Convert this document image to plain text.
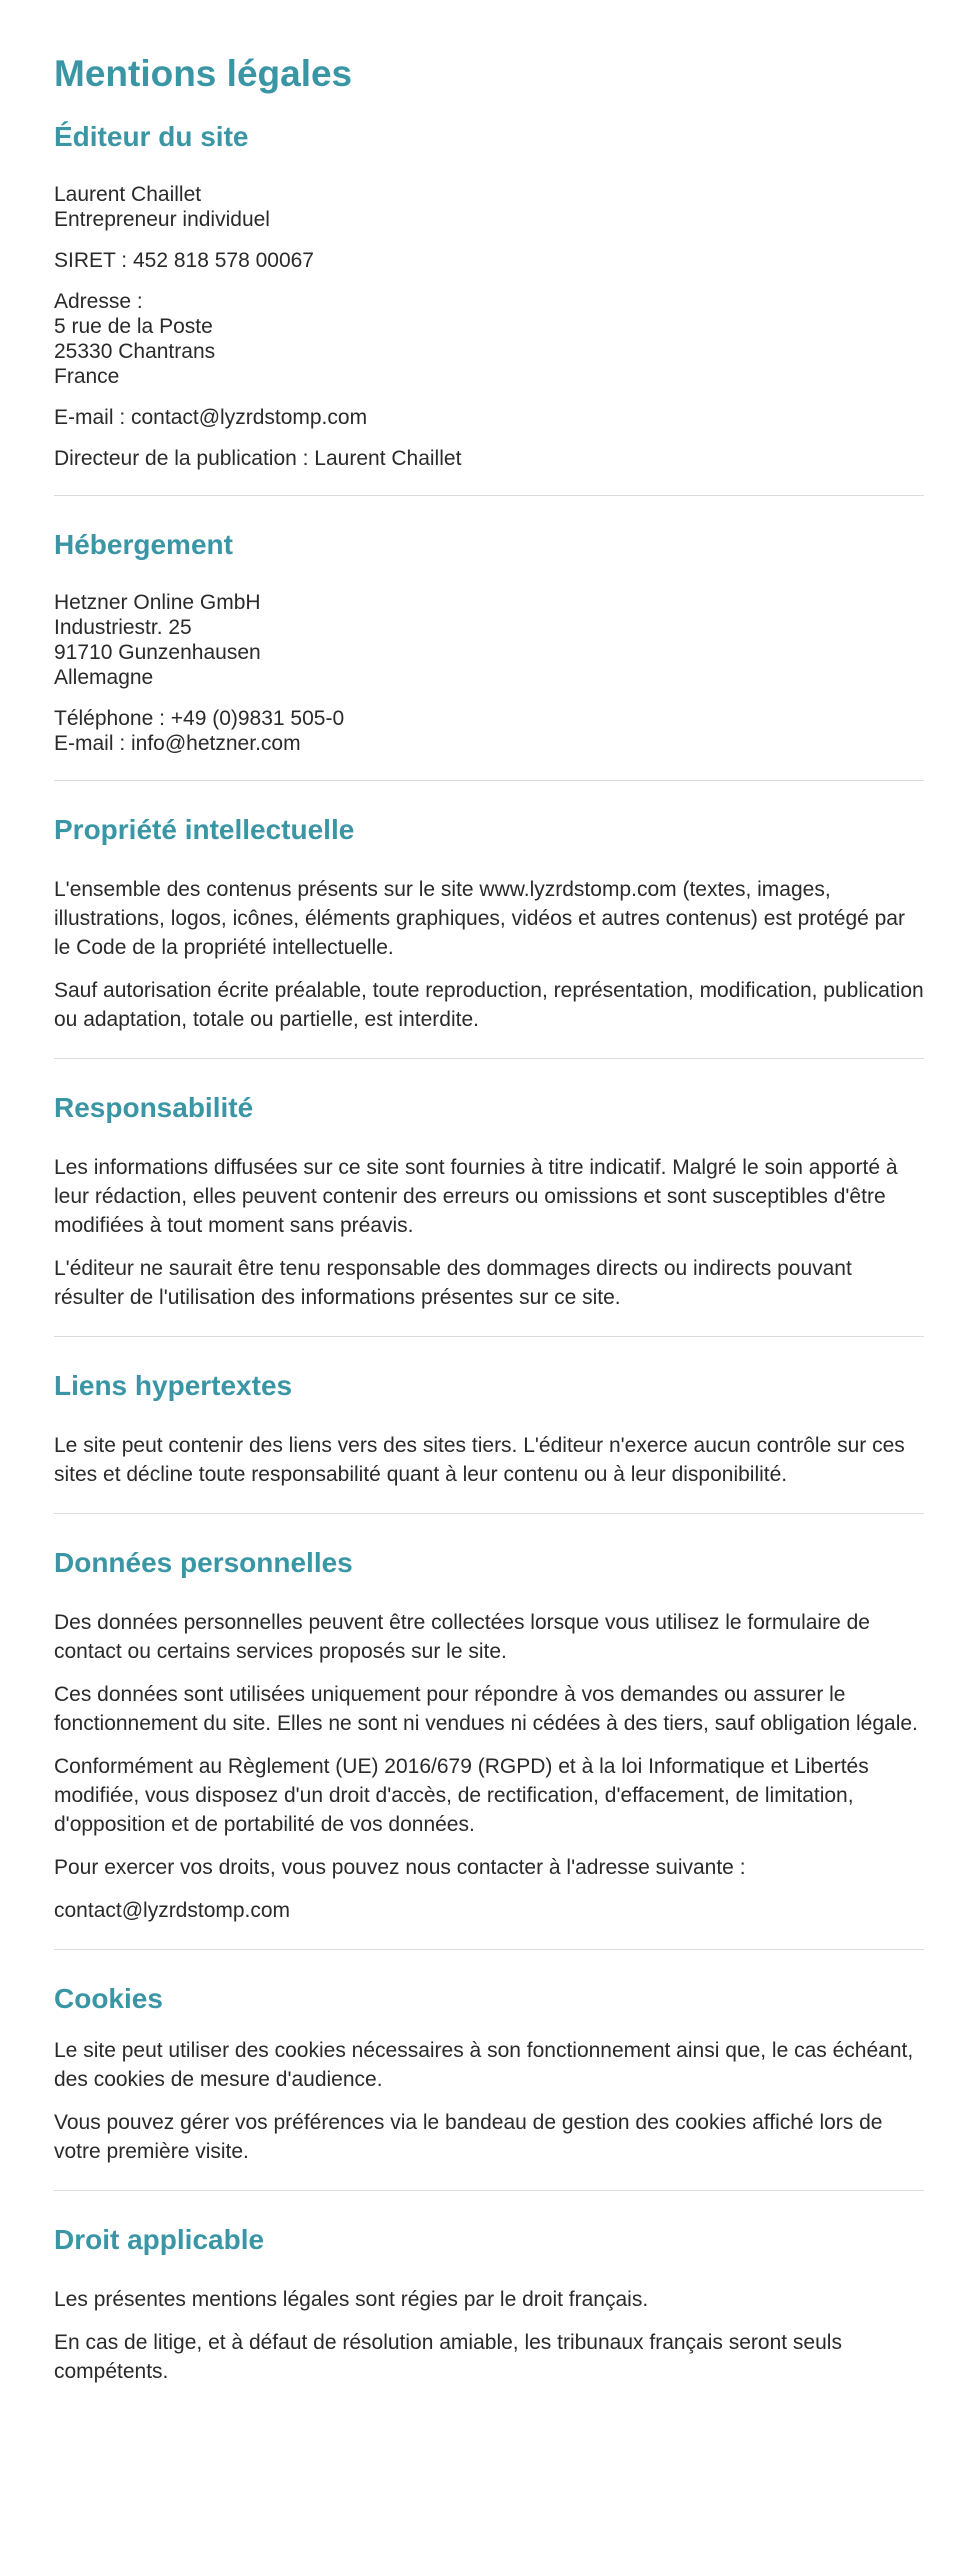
Mentions légales
Éditeur du site
Laurent Chaillet
Entrepreneur individuel
SIRET : 452 818 578 00067
Adresse :
5 rue de la Poste
25330 Chantrans
France
E-mail : contact@lyzrdstomp.com
Directeur de la publication : Laurent Chaillet
Hébergement
Hetzner Online GmbH
Industriestr. 25
91710 Gunzenhausen
Allemagne
Téléphone : +49 (0)9831 505-0
E-mail : info@hetzner.com
Propriété intellectuelle

L'ensemble des contenus présents sur le site www.lyzrdstomp.com (textes, images, illustrations, logos, icônes, éléments graphiques, vidéos et autres contenus) est protégé par le Code de la propriété intellectuelle.

Sauf autorisation écrite préalable, toute reproduction, représentation, modification, publication ou adaptation, totale ou partielle, est interdite.

Responsabilité

Les informations diffusées sur ce site sont fournies à titre indicatif. Malgré le soin apporté à leur rédaction, elles peuvent contenir des erreurs ou omissions et sont susceptibles d'être modifiées à tout moment sans préavis.

L'éditeur ne saurait être tenu responsable des dommages directs ou indirects pouvant résulter de l'utilisation des informations présentes sur ce site.

Liens hypertextes

Le site peut contenir des liens vers des sites tiers. L'éditeur n'exerce aucun contrôle sur ces sites et décline toute responsabilité quant à leur contenu ou à leur disponibilité.

Données personnelles

Des données personnelles peuvent être collectées lorsque vous utilisez le formulaire de contact ou certains services proposés sur le site.

Ces données sont utilisées uniquement pour répondre à vos demandes ou assurer le fonctionnement du site. Elles ne sont ni vendues ni cédées à des tiers, sauf obligation légale.

Conformément au Règlement (UE) 2016/679 (RGPD) et à la loi Informatique et Libertés modifiée, vous disposez d'un droit d'accès, de rectification, d'effacement, de limitation, d'opposition et de portabilité de vos données.

Pour exercer vos droits, vous pouvez nous contacter à l'adresse suivante :

contact@lyzrdstomp.com

Cookies

Le site peut utiliser des cookies nécessaires à son fonctionnement ainsi que, le cas échéant, des cookies de mesure d'audience.

Vous pouvez gérer vos préférences via le bandeau de gestion des cookies affiché lors de votre première visite.

Droit applicable

Les présentes mentions légales sont régies par le droit français.

En cas de litige, et à défaut de résolution amiable, les tribunaux français seront seuls compétents.
